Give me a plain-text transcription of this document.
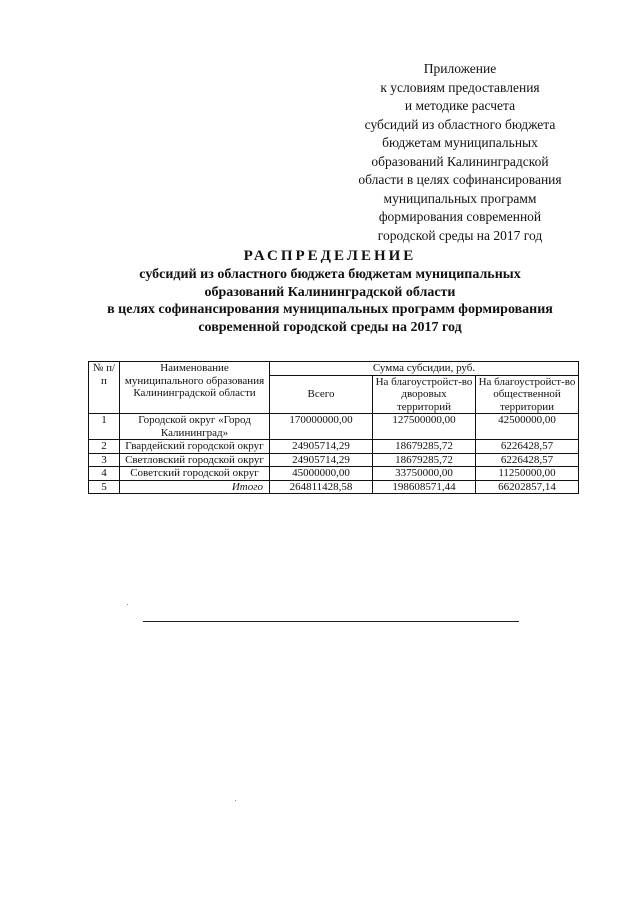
Приложение
к условиям предоставления
и методике расчета
субсидий из областного бюджета
бюджетам муниципальных
образований Калининградской
области в целях софинансирования
муниципальных программ
формирования современной
городской среды на 2017 год
РАСПРЕДЕЛЕНИЕ
субсидий из областного бюджета бюджетам муниципальных
образований Калининградской области
в целях софинансирования муниципальных программ формирования
современной городской среды на 2017 год
№ п/п	Наименование муниципального образования Калининградской области	Сумма субсидии, руб.		
		Всего	На благоустройст-во дворовых территорий	На благоустройст-во общественной территории
1	Городской округ «Город Калининград»	170000000,00	127500000,00	42500000,00
2	Гвардейский городской округ	24905714,29	18679285,72	6226428,57
3	Светловский городской округ	24905714,29	18679285,72	6226428,57
4	Советский городской округ	45000000,00	33750000,00	11250000,00
5	Итого	264811428,58	198608571,44	66202857,14
